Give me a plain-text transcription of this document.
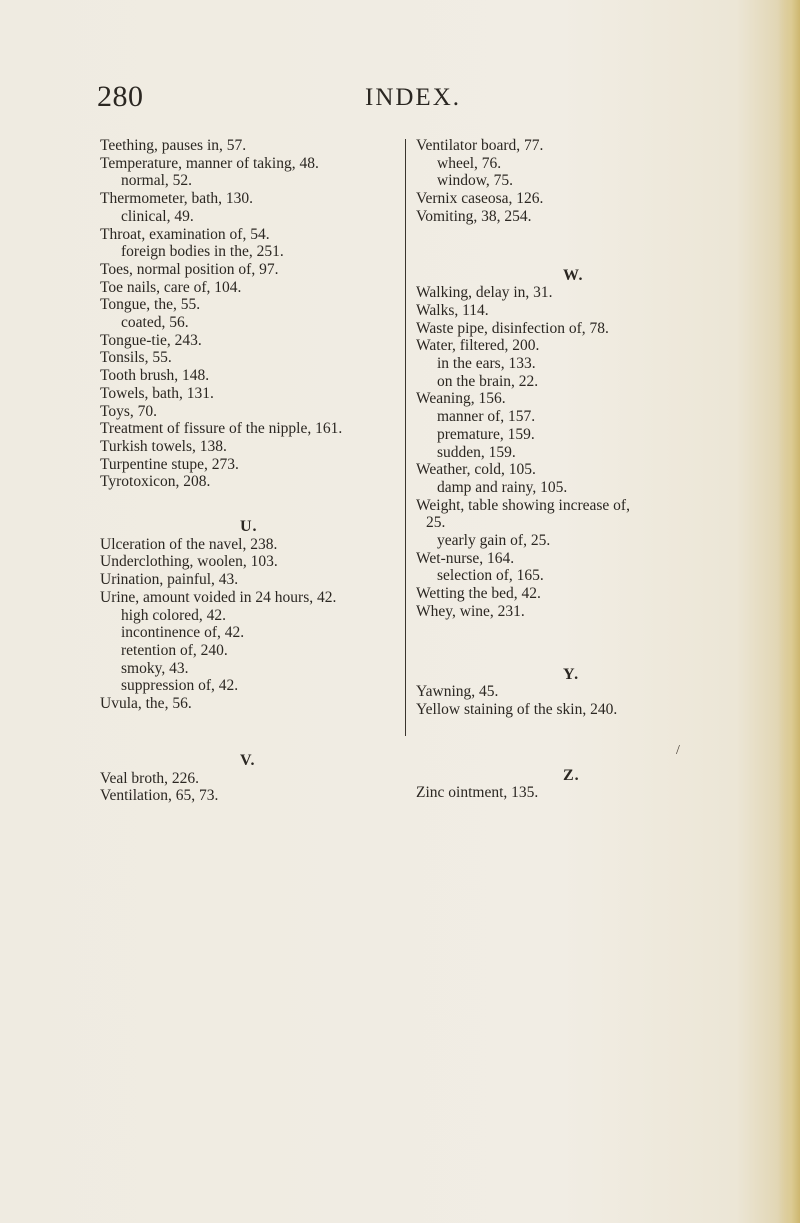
280	INDEX.
Teething, pauses in, 57.
Temperature, manner of taking, 48.
normal, 52.
Thermometer, bath, 130.
clinical, 49.
Throat, examination of, 54.
foreign bodies in the, 251.
Toes, normal position of, 97.
Toe nails, care of, 104.
Tongue, the, 55.
coated, 56.
Tongue-tie, 243.
Tonsils, 55.
Tooth brush, 148.
Towels, bath, 131.
Toys, 70.
Treatment of fissure of the nipple, 161.
Turkish towels, 138.
Turpentine stupe, 273.
Tyrotoxicon, 208.
U.
Ulceration of the navel, 238.
Underclothing, woolen, 103.
Urination, painful, 43.
Urine, amount voided in 24 hours, 42.
high colored, 42.
incontinence of, 42.
retention of, 240.
smoky, 43.
suppression of, 42.
Uvula, the, 56.
V.
Veal broth, 226.
Ventilation, 65, 73.
Ventilator board, 77.
wheel, 76.
window, 75.
Vernix caseosa, 126.
Vomiting, 38, 254.
W.
Walking, delay in, 31.
Walks, 114.
Waste pipe, disinfection of, 78.
Water, filtered, 200.
in the ears, 133.
on the brain, 22.
Weaning, 156.
manner of, 157.
premature, 159.
sudden, 159.
Weather, cold, 105.
damp and rainy, 105.
Weight, table showing increase of,
25.
yearly gain of, 25.
Wet-nurse, 164.
selection of, 165.
Wetting the bed, 42.
Whey, wine, 231.
Y.
Yawning, 45.
Yellow staining of the skin, 240.
Z.
Zinc ointment, 135.
/
